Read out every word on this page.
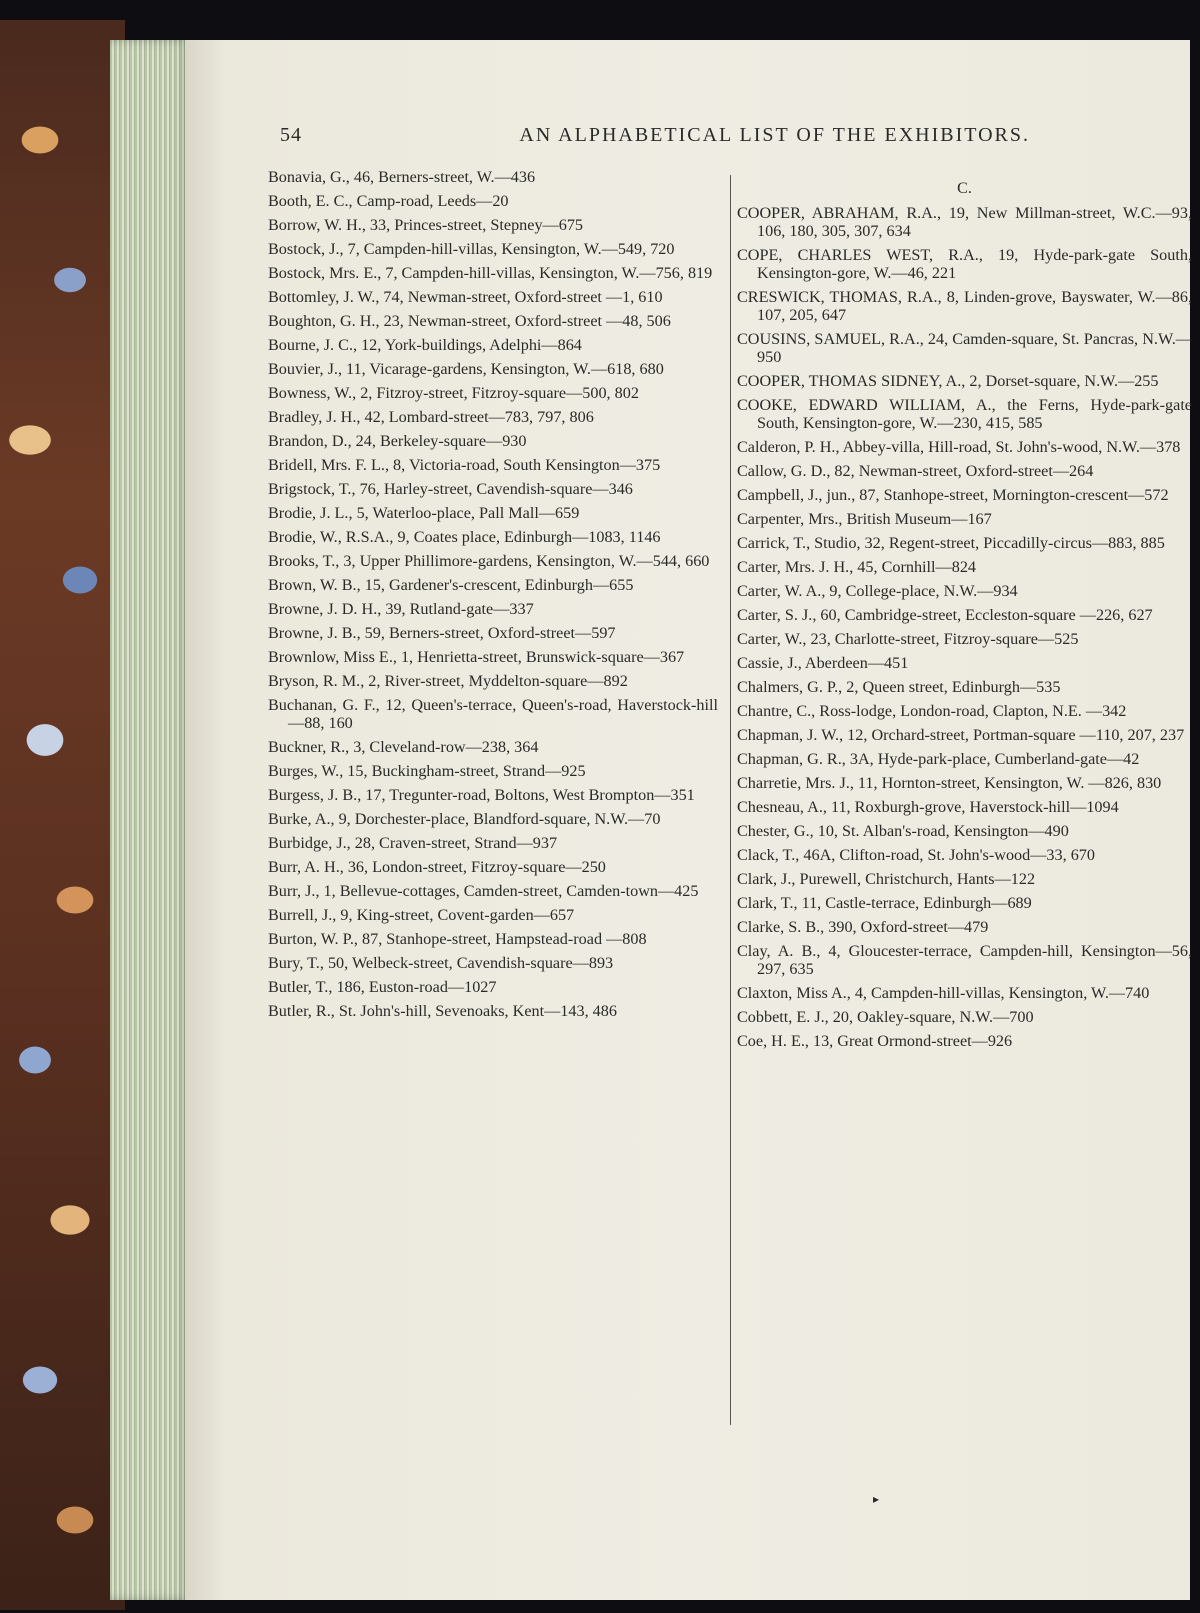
54	AN ALPHABETICAL LIST OF THE EXHIBITORS.
Bonavia, G., 46, Berners-street, W.—436
Booth, E. C., Camp-road, Leeds—20
Borrow, W. H., 33, Princes-street, Stepney—675
Bostock, J., 7, Campden-hill-villas, Kensington, W.—549, 720
Bostock, Mrs. E., 7, Campden-hill-villas, Kensington, W.—756, 819
Bottomley, J. W., 74, Newman-street, Oxford-street —1, 610
Boughton, G. H., 23, Newman-street, Oxford-street —48, 506
Bourne, J. C., 12, York-buildings, Adelphi—864
Bouvier, J., 11, Vicarage-gardens, Kensington, W.—618, 680
Bowness, W., 2, Fitzroy-street, Fitzroy-square—500, 802
Bradley, J. H., 42, Lombard-street—783, 797, 806
Brandon, D., 24, Berkeley-square—930
Bridell, Mrs. F. L., 8, Victoria-road, South Kensington—375
Brigstock, T., 76, Harley-street, Cavendish-square—346
Brodie, J. L., 5, Waterloo-place, Pall Mall—659
Brodie, W., R.S.A., 9, Coates place, Edinburgh—1083, 1146
Brooks, T., 3, Upper Phillimore-gardens, Kensington, W.—544, 660
Brown, W. B., 15, Gardener's-crescent, Edinburgh—655
Browne, J. D. H., 39, Rutland-gate—337
Browne, J. B., 59, Berners-street, Oxford-street—597
Brownlow, Miss E., 1, Henrietta-street, Brunswick-square—367
Bryson, R. M., 2, River-street, Myddelton-square—892
Buchanan, G. F., 12, Queen's-terrace, Queen's-road, Haverstock-hill—88, 160
Buckner, R., 3, Cleveland-row—238, 364
Burges, W., 15, Buckingham-street, Strand—925
Burgess, J. B., 17, Tregunter-road, Boltons, West Brompton—351
Burke, A., 9, Dorchester-place, Blandford-square, N.W.—70
Burbidge, J., 28, Craven-street, Strand—937
Burr, A. H., 36, London-street, Fitzroy-square—250
Burr, J., 1, Bellevue-cottages, Camden-street, Camden-town—425
Burrell, J., 9, King-street, Covent-garden—657
Burton, W. P., 87, Stanhope-street, Hampstead-road —808
Bury, T., 50, Welbeck-street, Cavendish-square—893
Butler, T., 186, Euston-road—1027
Butler, R., St. John's-hill, Sevenoaks, Kent—143, 486
C.
COOPER, ABRAHAM, R.A., 19, New Millman-street, W.C.—93, 106, 180, 305, 307, 634
COPE, CHARLES WEST, R.A., 19, Hyde-park-gate South, Kensington-gore, W.—46, 221
CRESWICK, THOMAS, R.A., 8, Linden-grove, Bayswater, W.—86, 107, 205, 647
COUSINS, SAMUEL, R.A., 24, Camden-square, St. Pancras, N.W.—950
COOPER, THOMAS SIDNEY, A., 2, Dorset-square, N.W.—255
COOKE, EDWARD WILLIAM, A., the Ferns, Hyde-park-gate South, Kensington-gore, W.—230, 415, 585
Calderon, P. H., Abbey-villa, Hill-road, St. John's-wood, N.W.—378
Callow, G. D., 82, Newman-street, Oxford-street—264
Campbell, J., jun., 87, Stanhope-street, Mornington-crescent—572
Carpenter, Mrs., British Museum—167
Carrick, T., Studio, 32, Regent-street, Piccadilly-circus—883, 885
Carter, Mrs. J. H., 45, Cornhill—824
Carter, W. A., 9, College-place, N.W.—934
Carter, S. J., 60, Cambridge-street, Eccleston-square —226, 627
Carter, W., 23, Charlotte-street, Fitzroy-square—525
Cassie, J., Aberdeen—451
Chalmers, G. P., 2, Queen street, Edinburgh—535
Chantre, C., Ross-lodge, London-road, Clapton, N.E. —342
Chapman, J. W., 12, Orchard-street, Portman-square —110, 207, 237
Chapman, G. R., 3A, Hyde-park-place, Cumberland-gate—42
Charretie, Mrs. J., 11, Hornton-street, Kensington, W. —826, 830
Chesneau, A., 11, Roxburgh-grove, Haverstock-hill—1094
Chester, G., 10, St. Alban's-road, Kensington—490
Clack, T., 46A, Clifton-road, St. John's-wood—33, 670
Clark, J., Purewell, Christchurch, Hants—122
Clark, T., 11, Castle-terrace, Edinburgh—689
Clarke, S. B., 390, Oxford-street—479
Clay, A. B., 4, Gloucester-terrace, Campden-hill, Kensington—56, 297, 635
Claxton, Miss A., 4, Campden-hill-villas, Kensington, W.—740
Cobbett, E. J., 20, Oakley-square, N.W.—700
Coe, H. E., 13, Great Ormond-street—926
▸
